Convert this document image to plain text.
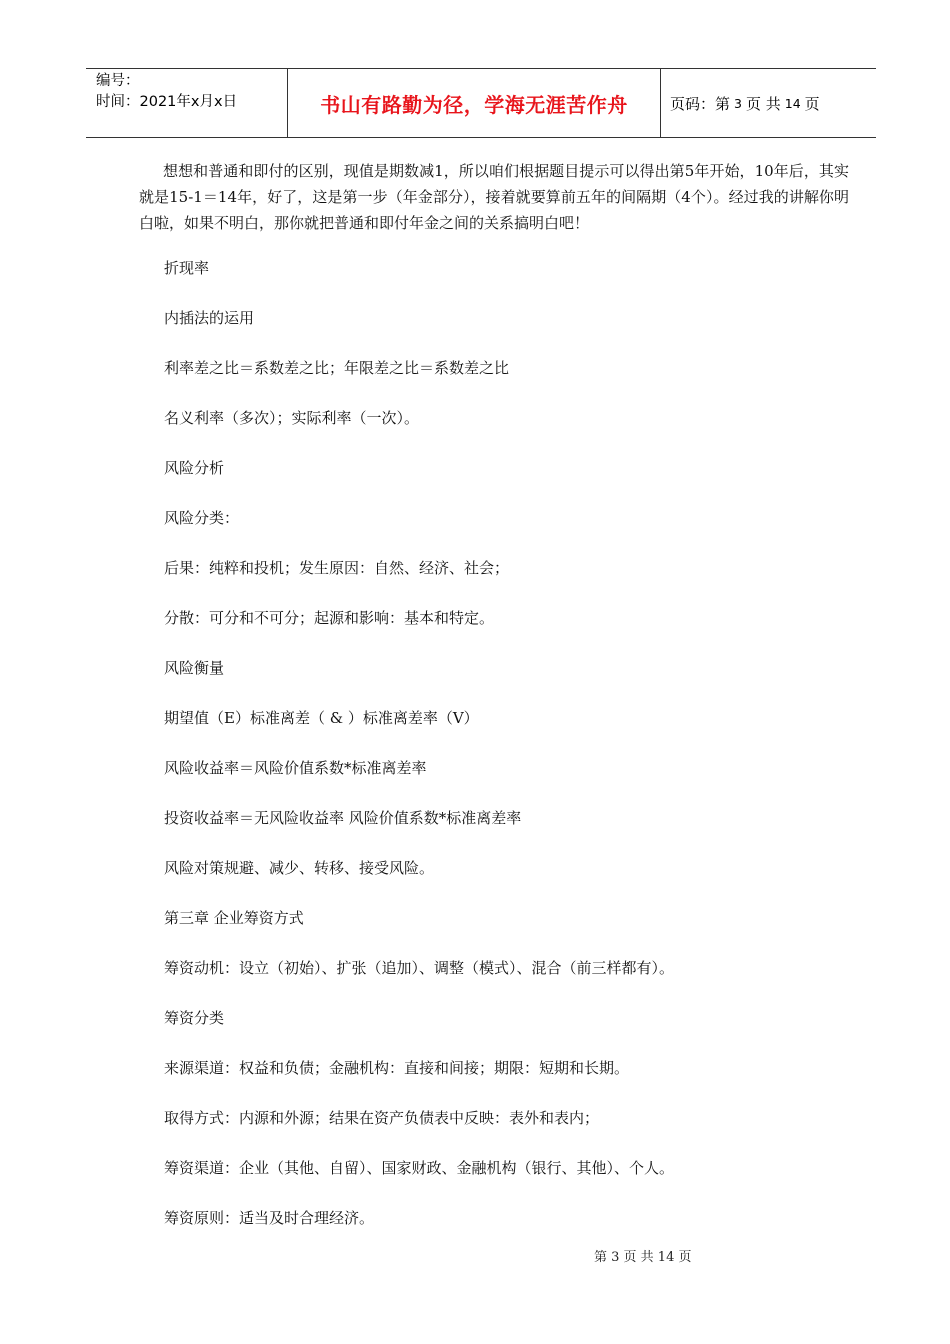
编号：
时间：2021年x月x日	书山有路勤为径，学海无涯苦作舟	页码：第 3 页 共 14 页

想想和普通和即付的区别，现值是期数减1，所以咱们根据题目提示可以得出第5年开始，10年后，其实就是15-1＝14年，好了，这是第一步（年金部分），接着就要算前五年的间隔期（4个）。经过我的讲解你明白啦，如果不明白，那你就把普通和即付年金之间的关系搞明白吧！

折现率
内插法的运用
利率差之比＝系数差之比；年限差之比＝系数差之比
名义利率（多次）；实际利率（一次）。
风险分析
风险分类：
后果：纯粹和投机；发生原因：自然、经济、社会；
分散：可分和不可分；起源和影响：基本和特定。
风险衡量
期望值（E）标准离差（ & ）标准离差率（V）
风险收益率＝风险价值系数*标准离差率
投资收益率＝无风险收益率 风险价值系数*标准离差率
风险对策规避、减少、转移、接受风险。
第三章 企业筹资方式
筹资动机：设立（初始）、扩张（追加）、调整（模式）、混合（前三样都有）。
筹资分类
来源渠道：权益和负债；金融机构：直接和间接；期限：短期和长期。
取得方式：内源和外源；结果在资产负债表中反映：表外和表内；
筹资渠道：企业（其他、自留）、国家财政、金融机构（银行、其他）、个人。
筹资原则：适当及时合理经济。
第 3 页 共 14 页
